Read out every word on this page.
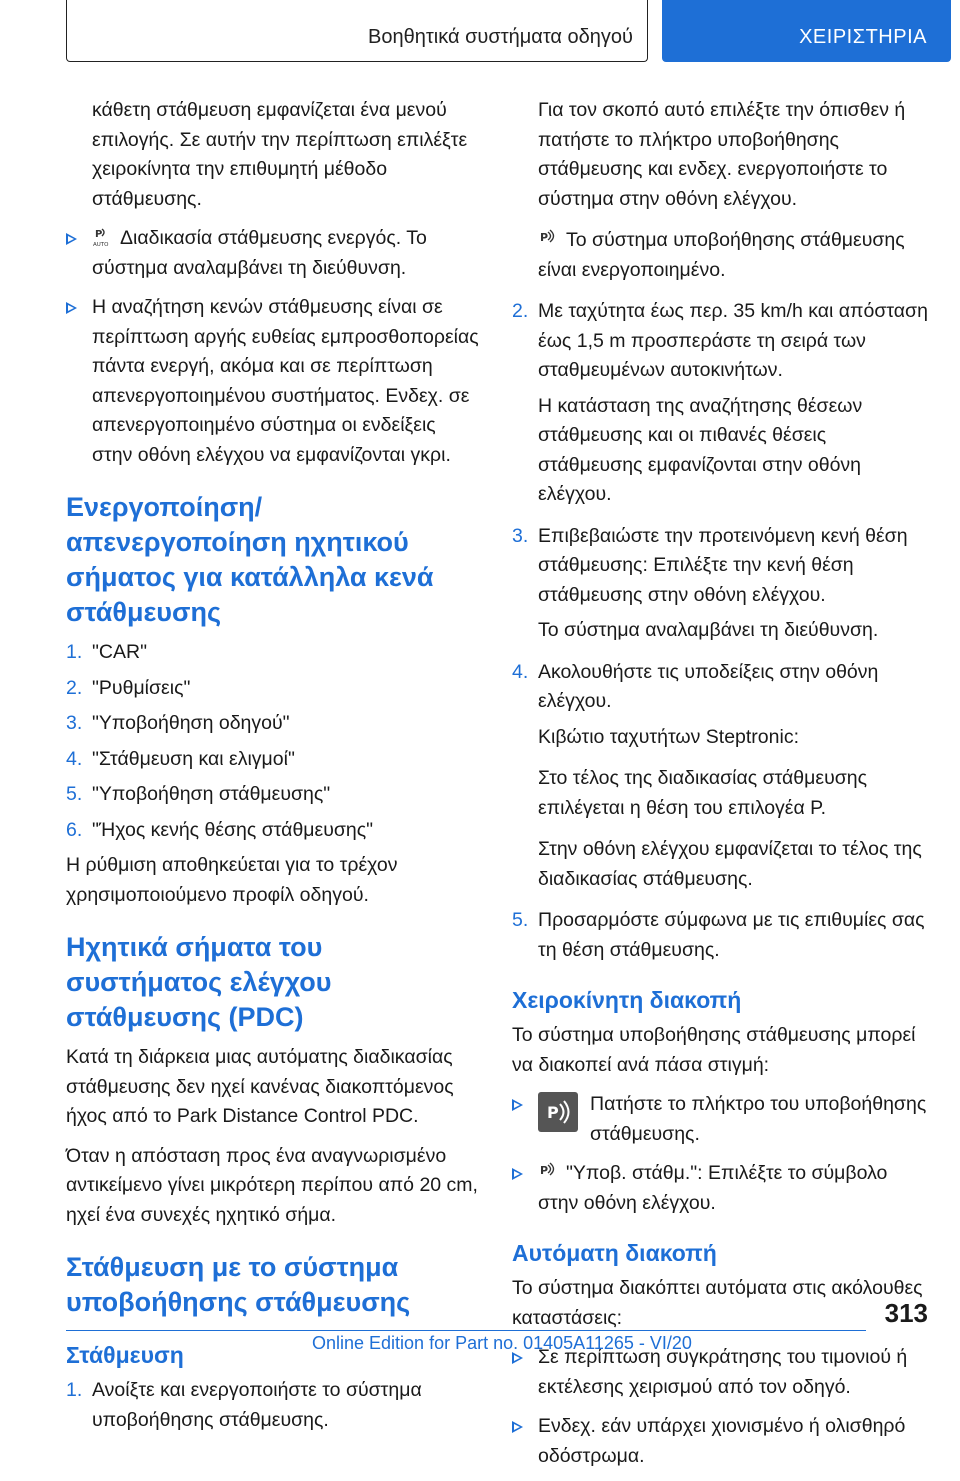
Βοηθητικά συστήματα οδηγού	ΧΕΙΡΙΣΤΗΡΙΑ

κάθετη στάθμευση εμφανίζεται ένα μενού επιλογής. Σε αυτήν την περίπτωση επιλέξτε χειροκίνητα την επιθυμητή μέθοδο στάθμευσης.

P
AUTO Διαδικασία στάθμευσης ενεργός. Το σύστημα αναλαμβάνει τη διεύθυνση.
Η αναζήτηση κενών στάθμευσης είναι σε περίπτωση αργής ευθείας εμπροσθοπορείας πάντα ενεργή, ακόμα και σε περίπτωση απενεργοποιημένου συστήματος. Ενδεχ. σε απενεργοποιημένο σύστημα οι ενδείξεις στην οθόνη ελέγχου να εμφανίζονται γκρι.
Ενεργοποίηση/απενεργοποίηση ηχητικού σήματος για κατάλληλα κενά στάθμευσης
1. "CAR"
2. "Ρυθμίσεις"
3. "Υποβοήθηση οδηγού"
4. "Στάθμευση και ελιγμοί"
5. "Υποβοήθηση στάθμευσης"
6. "Ήχος κενής θέσης στάθμευσης"

Η ρύθμιση αποθηκεύεται για το τρέχον χρησιμοποιούμενο προφίλ οδηγού.

Ηχητικά σήματα του συστήματος ελέγχου στάθμευσης (PDC)

Κατά τη διάρκεια μιας αυτόματης διαδικασίας στάθμευσης δεν ηχεί κανένας διακοπτόμενος ήχος από το Park Distance Control PDC.

Όταν η απόσταση προς ένα αναγνωρισμένο αντικείμενο γίνει μικρότερη περίπου από 20 cm, ηχεί ένα συνεχές ηχητικό σήμα.

Στάθμευση με το σύστημα υποβοήθησης στάθμευσης
Στάθμευση
1. Ανοίξτε και ενεργοποιήστε το σύστημα υποβοήθησης στάθμευσης.

Για τον σκοπό αυτό επιλέξτε την όπισθεν ή πατήστε το πλήκτρο υποβοήθησης στάθμευσης και ενδεχ. ενεργοποιήστε το σύστημα στην οθόνη ελέγχου.

P Το σύστημα υποβοήθησης στάθμευσης είναι ενεργοποιημένο.

2. Με ταχύτητα έως περ. 35 km/h και απόσταση έως 1,5 m προσπεράστε τη σειρά των σταθμευμένων αυτοκινήτων.

Η κατάσταση της αναζήτησης θέσεων στάθμευσης και οι πιθανές θέσεις στάθμευσης εμφανίζονται στην οθόνη ελέγχου.

3. Επιβεβαιώστε την προτεινόμενη κενή θέση στάθμευσης: Επιλέξτε την κενή θέση στάθμευσης στην οθόνη ελέγχου.

Το σύστημα αναλαμβάνει τη διεύθυνση.

4. Ακολουθήστε τις υποδείξεις στην οθόνη ελέγχου.

Κιβώτιο ταχυτήτων Steptronic:

Στο τέλος της διαδικασίας στάθμευσης επιλέγεται η θέση του επιλογέα P.

Στην οθόνη ελέγχου εμφανίζεται το τέλος της διαδικασίας στάθμευσης.

5. Προσαρμόστε σύμφωνα με τις επιθυμίες σας τη θέση στάθμευσης.
Χειροκίνητη διακοπή

Το σύστημα υποβοήθησης στάθμευσης μπορεί να διακοπεί ανά πάσα στιγμή:

P Πατήστε το πλήκτρο του υποβοήθησης στάθμευσης.
P "Υποβ. στάθμ.": Επιλέξτε το σύμβολο στην οθόνη ελέγχου.
Αυτόματη διακοπή

Το σύστημα διακόπτει αυτόματα στις ακόλουθες καταστάσεις:

Σε περίπτωση συγκράτησης του τιμονιού ή εκτέλεσης χειρισμού από τον οδηγό.
Ενδεχ. εάν υπάρχει χιονισμένο ή ολισθηρό οδόστρωμα.
313
Online Edition for Part no. 01405A11265 - VI/20
